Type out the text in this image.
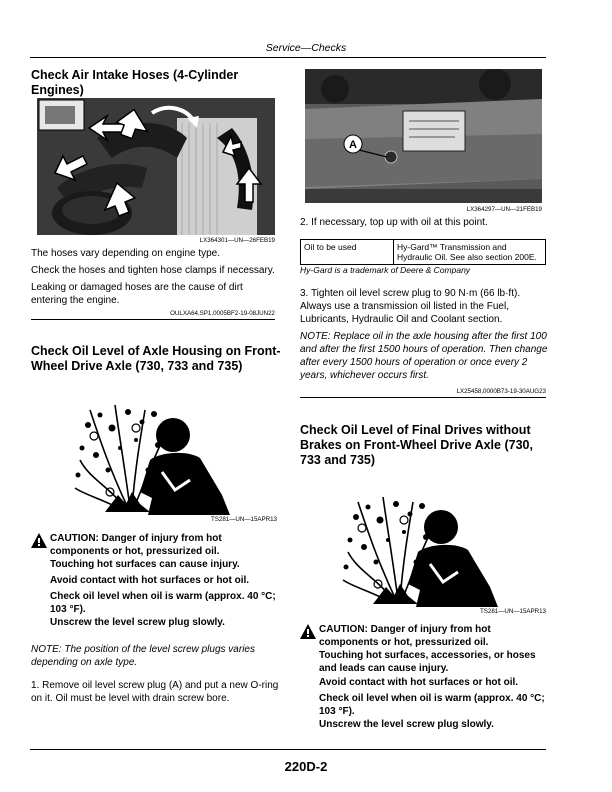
Service—Checks
Check Air Intake Hoses (4-Cylinder Engines)
LX364301—UN—26FEB19
The hoses vary depending on engine type.
Check the hoses and tighten hose clamps if necessary.
Leaking or damaged hoses are the cause of dirt entering the engine.
OULXA64,SP1,0005BF2-19-08JUN22
Check Oil Level of Axle Housing on Front-Wheel Drive Axle (730, 733 and 735)
TS281—UN—15APR13
CAUTION: Danger of injury from hot components or hot, pressurized oil.
Touching hot surfaces can cause injury.
Avoid contact with hot surfaces or hot oil.
Check oil level when oil is warm (approx. 40 °C; 103 °F).
Unscrew the level screw plug slowly.
NOTE: The position of the level screw plugs varies depending on axle type.
1. Remove oil level screw plug (A) and put a new O-ring on it. Oil must be level with drain screw bore.
A
LX364297—UN—21FEB19
2. If necessary, top up with oil at this point.
Oil to be used	Hy-Gard™ Transmission and Hydraulic Oil. See also section 200E.
Hy-Gard is a trademark of Deere & Company
3. Tighten oil level screw plug to 90 N·m (66 lb·ft). Always use a transmission oil listed in the Fuel, Lubricants, Hydraulic Oil and Coolant section.
NOTE: Replace oil in the axle housing after the first 100 and after the first 1500 hours of operation. Then change after every 1500 hours of operation or once every 2 years, whichever occurs first.
LX25458,0000B73-19-30AUG23
Check Oil Level of Final Drives without Brakes on Front-Wheel Drive Axle (730, 733 and 735)
TS281—UN—15APR13
CAUTION: Danger of injury from hot components or hot, pressurized oil.
Touching hot surfaces, accessories, or hoses and leads can cause injury.
Avoid contact with hot surfaces or hot oil.
Check oil level when oil is warm (approx. 40 °C; 103 °F).
Unscrew the level screw plug slowly.
220D-2
